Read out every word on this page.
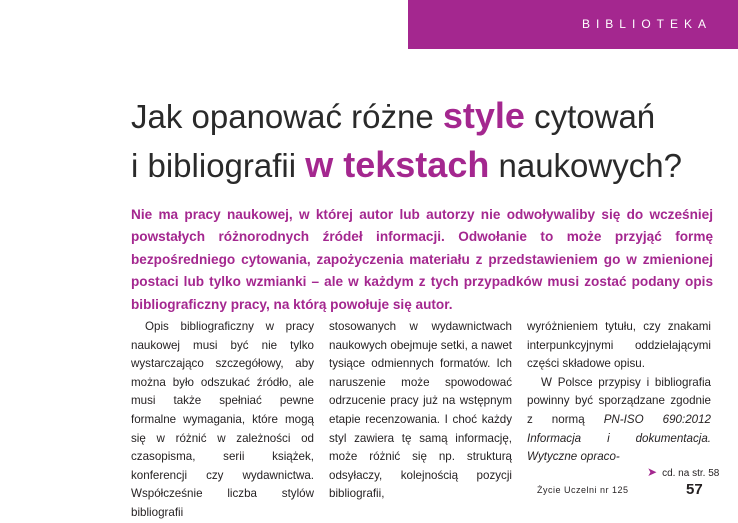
BIBLIOTEKA
Jak opanować różne style cytowań
i bibliografii w tekstach naukowych?

Nie ma pracy naukowej, w której autor lub autorzy nie odwoływaliby się do wcześniej powstałych różnorodnych źródeł informacji. Odwołanie to może przyjąć formę bezpośredniego cytowania, zapożyczenia materiału z przedstawieniem go w zmienionej postaci lub tylko wzmianki – ale w każdym z tych przypadków musi zostać podany opis bibliograficzny pracy, na którą powołuje się autor.

Opis bibliograficzny w pracy naukowej musi być nie tylko wystarczająco szczegółowy, aby można było odszukać źródło, ale musi także spełniać pewne formalne wymagania, które mogą się w różnić w zależności od czasopisma, serii książek, konferencji czy wydawnictwa. Współcześnie liczba stylów bibliografii

stosowanych w wydawnictwach naukowych obejmuje setki, a nawet tysiące odmiennych formatów. Ich naruszenie może spowodować odrzucenie pracy już na wstępnym etapie recenzowania. I choć każdy styl zawiera tę samą informację, może różnić się np. strukturą odsyłaczy, kolejnością pozycji bibliografii,

wyróżnieniem tytułu, czy znakami interpunkcyjnymi oddzielającymi części składowe opisu.
W Polsce przypisy i bibliografia powinny być sporządzane zgodnie z normą PN-ISO 690:2012 Informacja i dokumentacja. Wytyczne opraco-

➤ cd. na str. 58
Życie Uczelni nr 125	57
